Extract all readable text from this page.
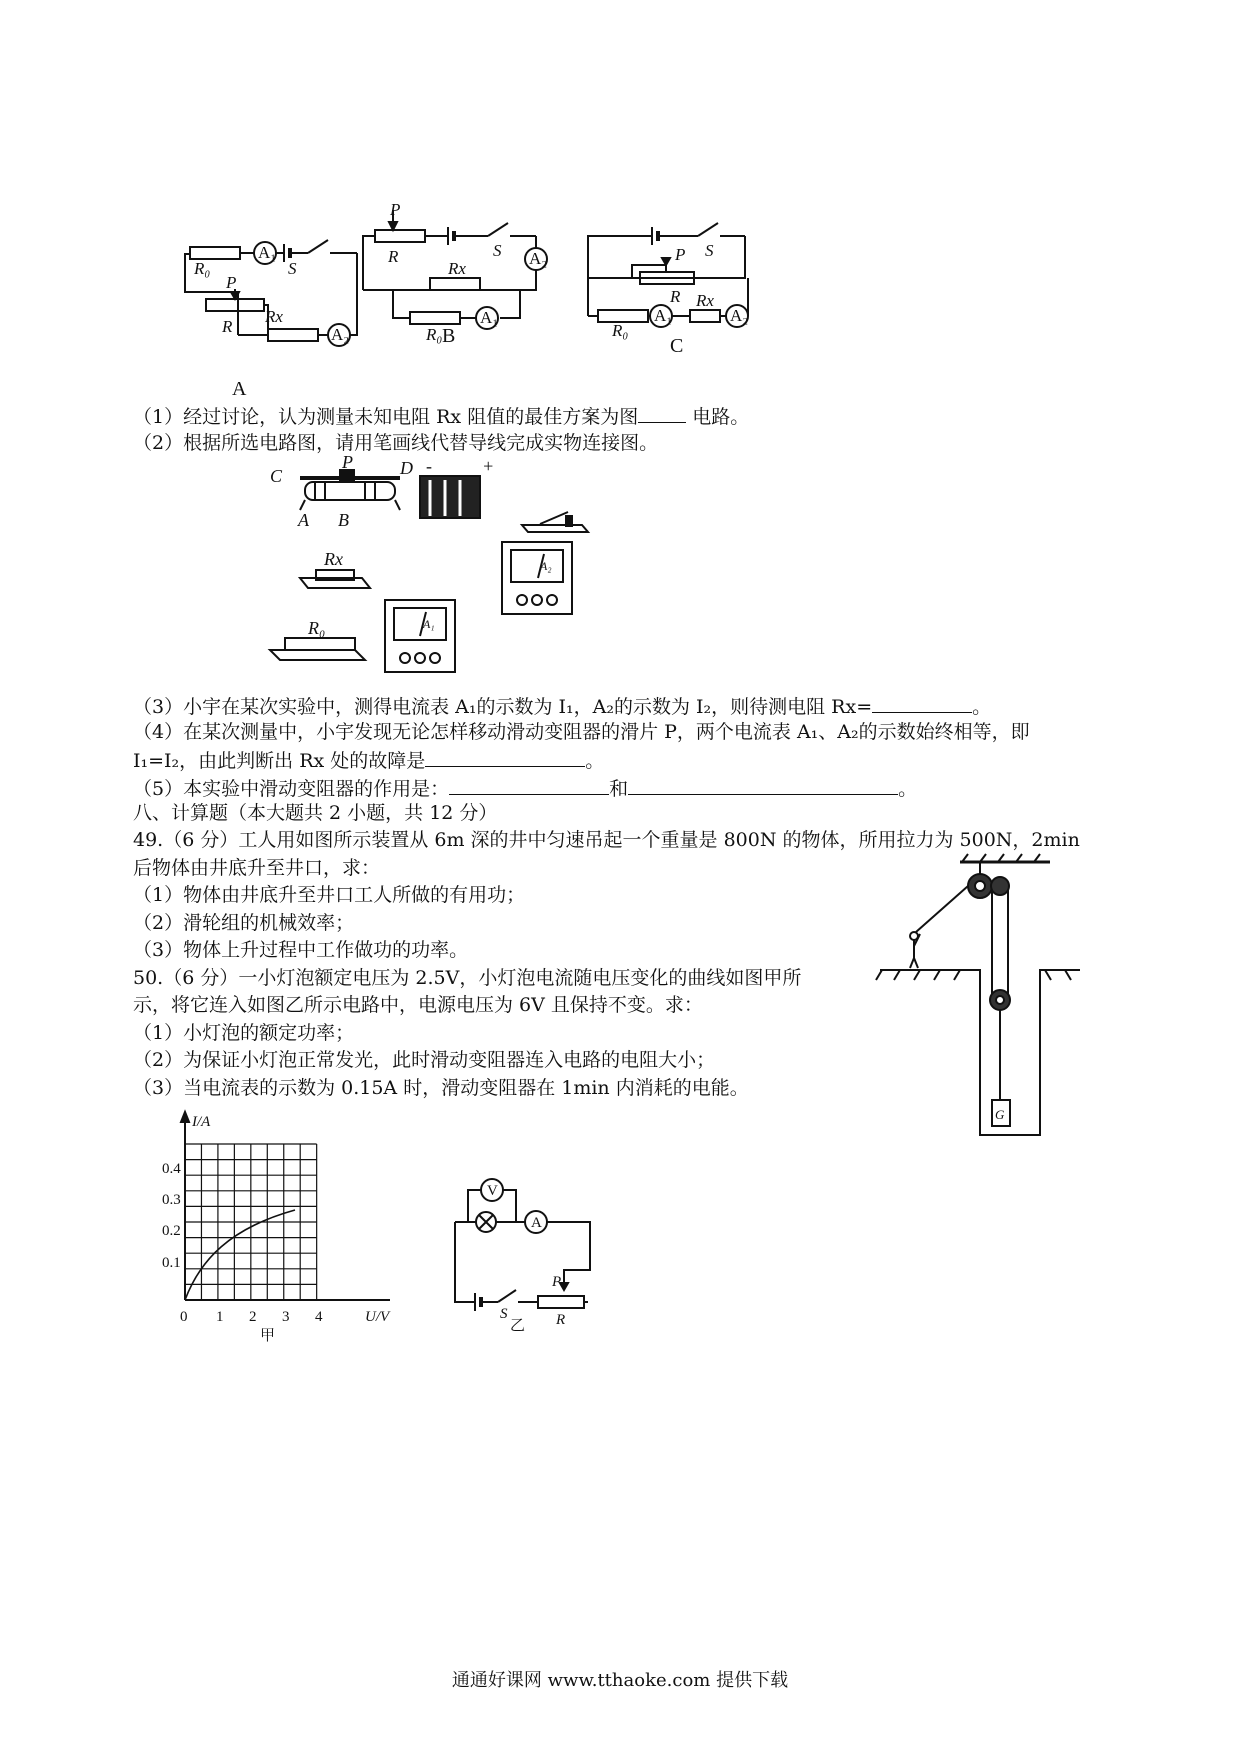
A₁
A₂
R₀	S
P
Rx
R
A
P
R	S A₂
Rx
R₀
A₁
B
S
P
R Rx
R₀
A₁	A₂
C
（1）经过讨论，认为测量未知电阻 Rx 阻值的最佳方案为图	电路。
（2）根据所选电路图，请用笔画线代替导线完成实物连接图。
C
P	D
A B
Rx
R₀
-	+
A₁
A₂
（3）小宇在某次实验中，测得电流表 A₁的示数为 I₁，A₂的示数为 I₂，则待测电阻 Rx=	。
（4）在某次测量中，小宇发现无论怎样移动滑动变阻器的滑片 P，两个电流表 A₁、A₂的示数始终相等，即
I₁=I₂，由此判断出 Rx 处的故障是	。
（5）本实验中滑动变阻器的作用是：	和	。
八、计算题（本大题共 2 小题，共 12 分）
49.（6 分）工人用如图所示装置从 6m 深的井中匀速吊起一个重量是 800N 的物体，所用拉力为 500N，2min
后物体由井底升至井口，求：
（1）物体由井底升至井口工人所做的有用功；
（2）滑轮组的机械效率；
（3）物体上升过程中工作做功的功率。
G
50.（6 分）一小灯泡额定电压为 2.5V，小灯泡电流随电压变化的曲线如图甲所
示，将它连入如图乙所示电路中，电源电压为 6V 且保持不变。求：
（1）小灯泡的额定功率；
（2）为保证小灯泡正常发光，此时滑动变阻器连入电路的电阻大小；
（3）当电流表的示数为 0.15A 时，滑动变阻器在 1min 内消耗的电能。
I/A
U/V
0 1 2 3 4
0.1
0.2
0.3
0.4
甲
V
A
P
S	R
乙
通通好课网 www.tthaoke.com 提供下载
